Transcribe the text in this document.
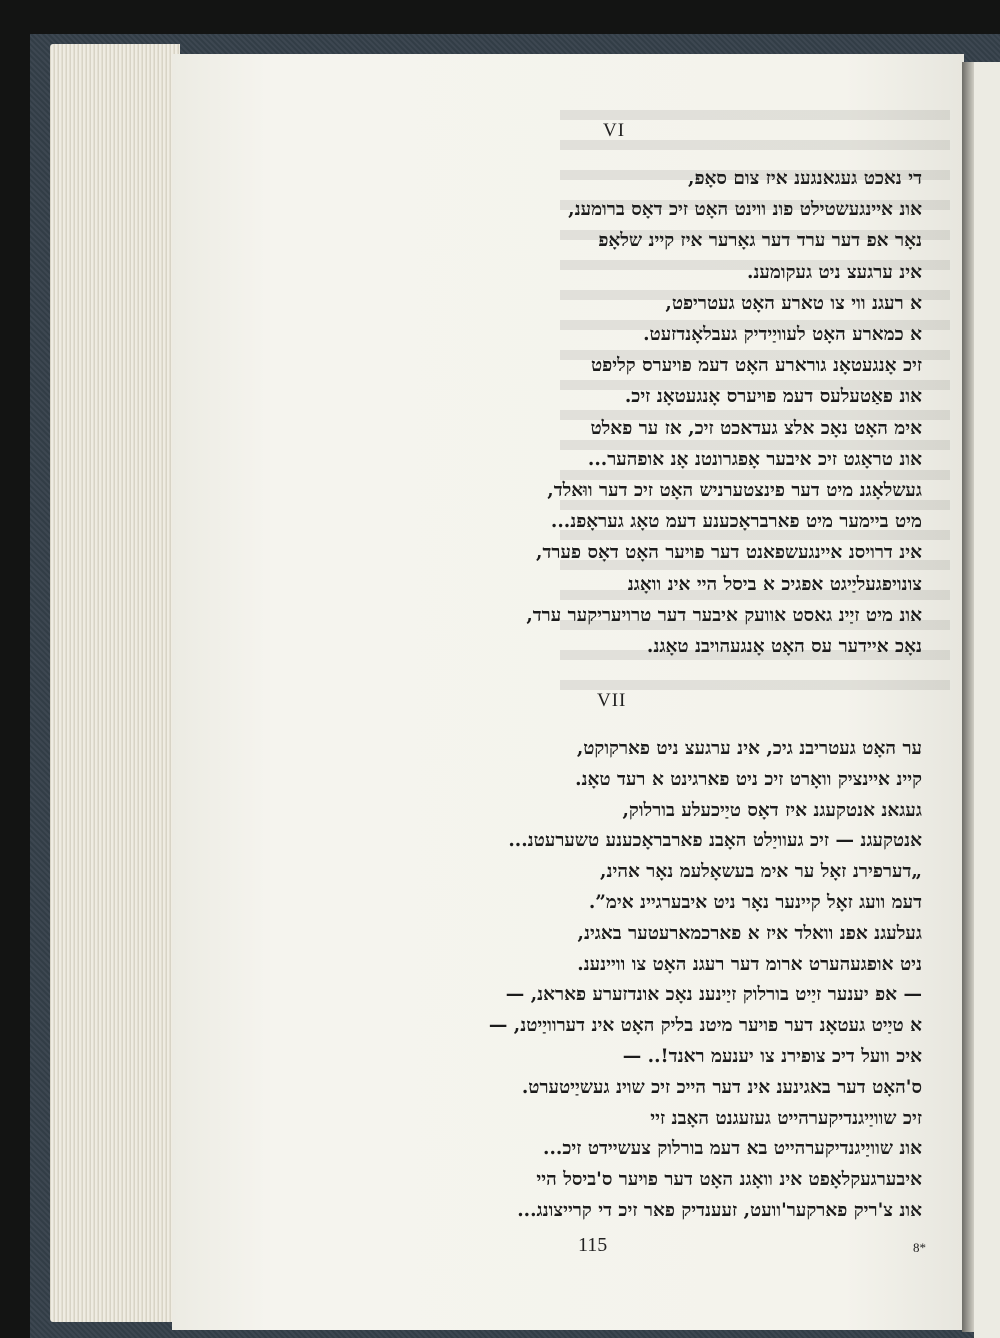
VI
די נאכט געגאנגענ איז צום סאָפ,
אונ איינגעשטילט פונ ווינט האָט זיכ דאָס ברומענ,
נאָר אפ דער ערד דער גאָרער איז קיינ שלאָפ
אינ ערגעצ ניט געקומענ.
א רעגנ ווי צו טארע האָט געטריפט,
א כמארע האָט לעוויַידיק געבלאָנדזעט.
זיכ אָנגעטאָנ גורארע האָט דעמ פויערס קליפט
אונ פאַטעלעס דעמ פויערס אָנגעטאָנ זיכ.
אימ האָט נאָכ אלצ געדאכט זיכ, אז ער פאלט
אונ טראָגט זיכ איבער אָפגרונטנ אָנ אופהער...
געשלאָגנ מיט דער פינצטערניש האָט זיכ דער ווּאלד,
מיט ביימער מיט פארבראָכענע דעמ טאָג געראָפנ...
אינ דרויסנ איינגעשפאנט דער פויער האָט דאָס פערד,
צונויפגעליַיגט אפגיכ א ביסל היי אינ וואָגנ
אונ מיט זיַינ גאסט אוועק איבער דער טרויעריקער ערד,
נאָכ איידער עס האָט אָנגעהויבנ טאָגנ.
VII
ער האָט געטריבנ גיכ, אינ ערגעצ ניט פארקוקט,
קיינ איינציק וואָרט זיכ ניט פארגינט א רעד טאָנ.
געגאנ אנטקעגנ איז דאָס טיַיכעלע בורלוק,
אנטקעגנ — זיכ געוויַלט האָבנ פארבראָכענע טשערעטנ...
„דערפירנ זאָל ער אימ בעשאָלעמ נאָר אהינ,
דעמ וועג זאָל קיינער נאָר ניט איבערגיינ אימ”.
געלעגנ אפנ וואלד איז א פארכמארעטער באגינ,
ניט אופגעהערט ארומ דער רעגנ האָט צו וויינענ.
— אפ יענער זיַיט בורלוק זיַינענ נאָכ אונדזערע פאראנ, —
א טיַיט געטאָנ דער פויער מיטנ בליק האָט אינ דערוויַיטנ, —
איכ וועל דיכ צופירנ צו יענעמ ראנד!.. —
ס'האָט דער באגינענ אינ דער הייכ זיכ שוינ געשיַיטערט.
זיכ שוויַיגנדיקערהייט געזעגנט האָבנ זיי
אונ שוויַיגנדיקערהייט בא דעמ בורלוק צעשיידט זיכ...
איבערגעקלאָפט אינ וואָגנ האָט דער פויער ס'ביסל היי
אונ צ'ריק פארקער'וועט, זעענדיק פאר זיכ די קרייצונג...
115	8*
